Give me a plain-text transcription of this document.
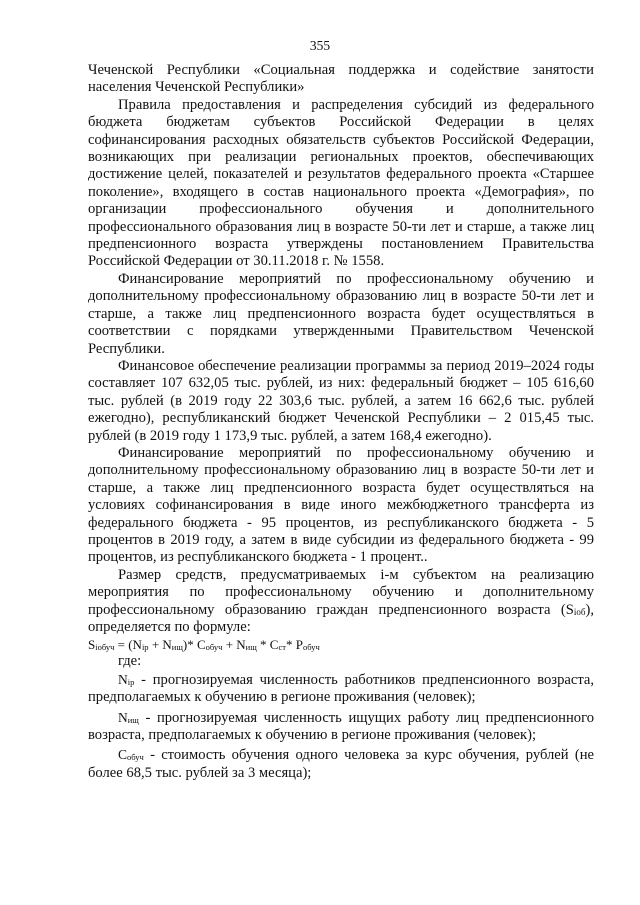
355

Чеченской Республики «Социальная поддержка и содействие занятости населения Чеченской Республики»

Правила предоставления и распределения субсидий из федерального бюджета бюджетам субъектов Российской Федерации в целях софинансирования расходных обязательств субъектов Российской Федерации, возникающих при реализации региональных проектов, обеспечивающих достижение целей, показателей и результатов федерального проекта «Старшее поколение», входящего в состав национального проекта «Демография», по организации профессионального обучения и дополнительного профессионального образования лиц в возрасте 50-ти лет и старше, а также лиц предпенсионного возраста утверждены постановлением Правительства Российской Федерации от 30.11.2018 г. № 1558.

Финансирование мероприятий по профессиональному обучению и дополнительному профессиональному образованию лиц в возрасте 50-ти лет и старше, а также лиц предпенсионного возраста будет осуществляться в соответствии с порядками утвержденными Правительством Чеченской Республики.

Финансовое обеспечение реализации программы за период 2019–2024 годы составляет 107 632,05 тыс. рублей, из них: федеральный бюджет – 105 616,60 тыс. рублей (в 2019 году 22 303,6 тыс. рублей, а затем 16 662,6 тыс. рублей ежегодно), республиканский бюджет Чеченской Республики – 2 015,45 тыс. рублей (в 2019 году 1 173,9 тыс. рублей, а затем 168,4 ежегодно).

Финансирование мероприятий по профессиональному обучению и дополнительному профессиональному образованию лиц в возрасте 50-ти лет и старше, а также лиц предпенсионного возраста будет осуществляться на условиях софинансирования в виде иного межбюджетного трансферта из федерального бюджета - 95 процентов, из республиканского бюджета - 5 процентов в 2019 году, а затем в виде субсидии из федерального бюджета - 99 процентов, из республиканского бюджета - 1 процент..

Размер средств, предусматриваемых i-м субъектом на реализацию мероприятия по профессиональному обучению и дополнительному профессиональному образованию граждан предпенсионного возраста $(S_{iоб})$, определяется по формуле:

$S_{iобуч} = (N_{ip} + N_{ищ})*$ $C_{обуч} + N_{ищ} * C_{ст}*$ $P_{обуч}$

где:

$N_{ip}$ - прогнозируемая численность работников предпенсионного возраста, предполагаемых к обучению в регионе проживания (человек);

$N_{ищ}$ - прогнозируемая численность ищущих работу лиц предпенсионного возраста, предполагаемых к обучению в регионе проживания (человек);

$C_{обуч}$ - стоимость обучения одного человека за курс обучения, рублей (не более 68,5 тыс. рублей за 3 месяца);
